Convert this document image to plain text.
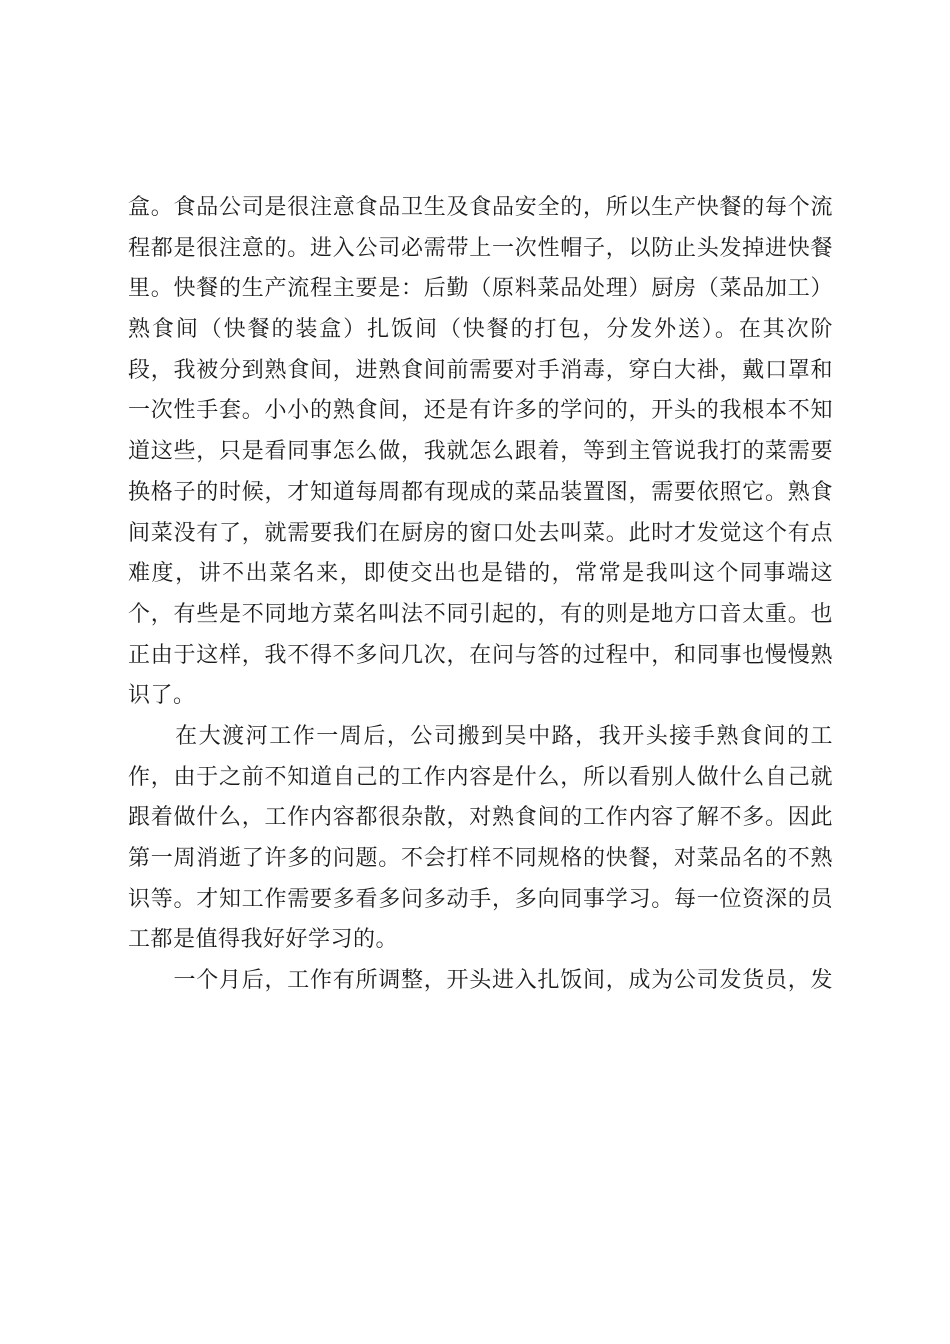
盒。食品公司是很注意食品卫生及食品安全的，所以生产快餐的每个流
程都是很注意的。进入公司必需带上一次性帽子，以防止头发掉进快餐
里。快餐的生产流程主要是：后勤（原料菜品处理）厨房（菜品加工）
熟食间（快餐的装盒）扎饭间（快餐的打包，分发外送）。在其次阶
段，我被分到熟食间，进熟食间前需要对手消毒，穿白大褂，戴口罩和
一次性手套。小小的熟食间，还是有许多的学问的，开头的我根本不知
道这些，只是看同事怎么做，我就怎么跟着，等到主管说我打的菜需要
换格子的时候，才知道每周都有现成的菜品装置图，需要依照它。熟食
间菜没有了，就需要我们在厨房的窗口处去叫菜。此时才发觉这个有点
难度，讲不出菜名来，即使交出也是错的，常常是我叫这个同事端这
个，有些是不同地方菜名叫法不同引起的，有的则是地方口音太重。也
正由于这样，我不得不多问几次，在问与答的过程中，和同事也慢慢熟
识了。
　　在大渡河工作一周后，公司搬到吴中路，我开头接手熟食间的工
作，由于之前不知道自己的工作内容是什么，所以看别人做什么自己就
跟着做什么，工作内容都很杂散，对熟食间的工作内容了解不多。因此
第一周消逝了许多的问题。不会打样不同规格的快餐，对菜品名的不熟
识等。才知工作需要多看多问多动手，多向同事学习。每一位资深的员
工都是值得我好好学习的。
　　一个月后，工作有所调整，开头进入扎饭间，成为公司发货员，发
